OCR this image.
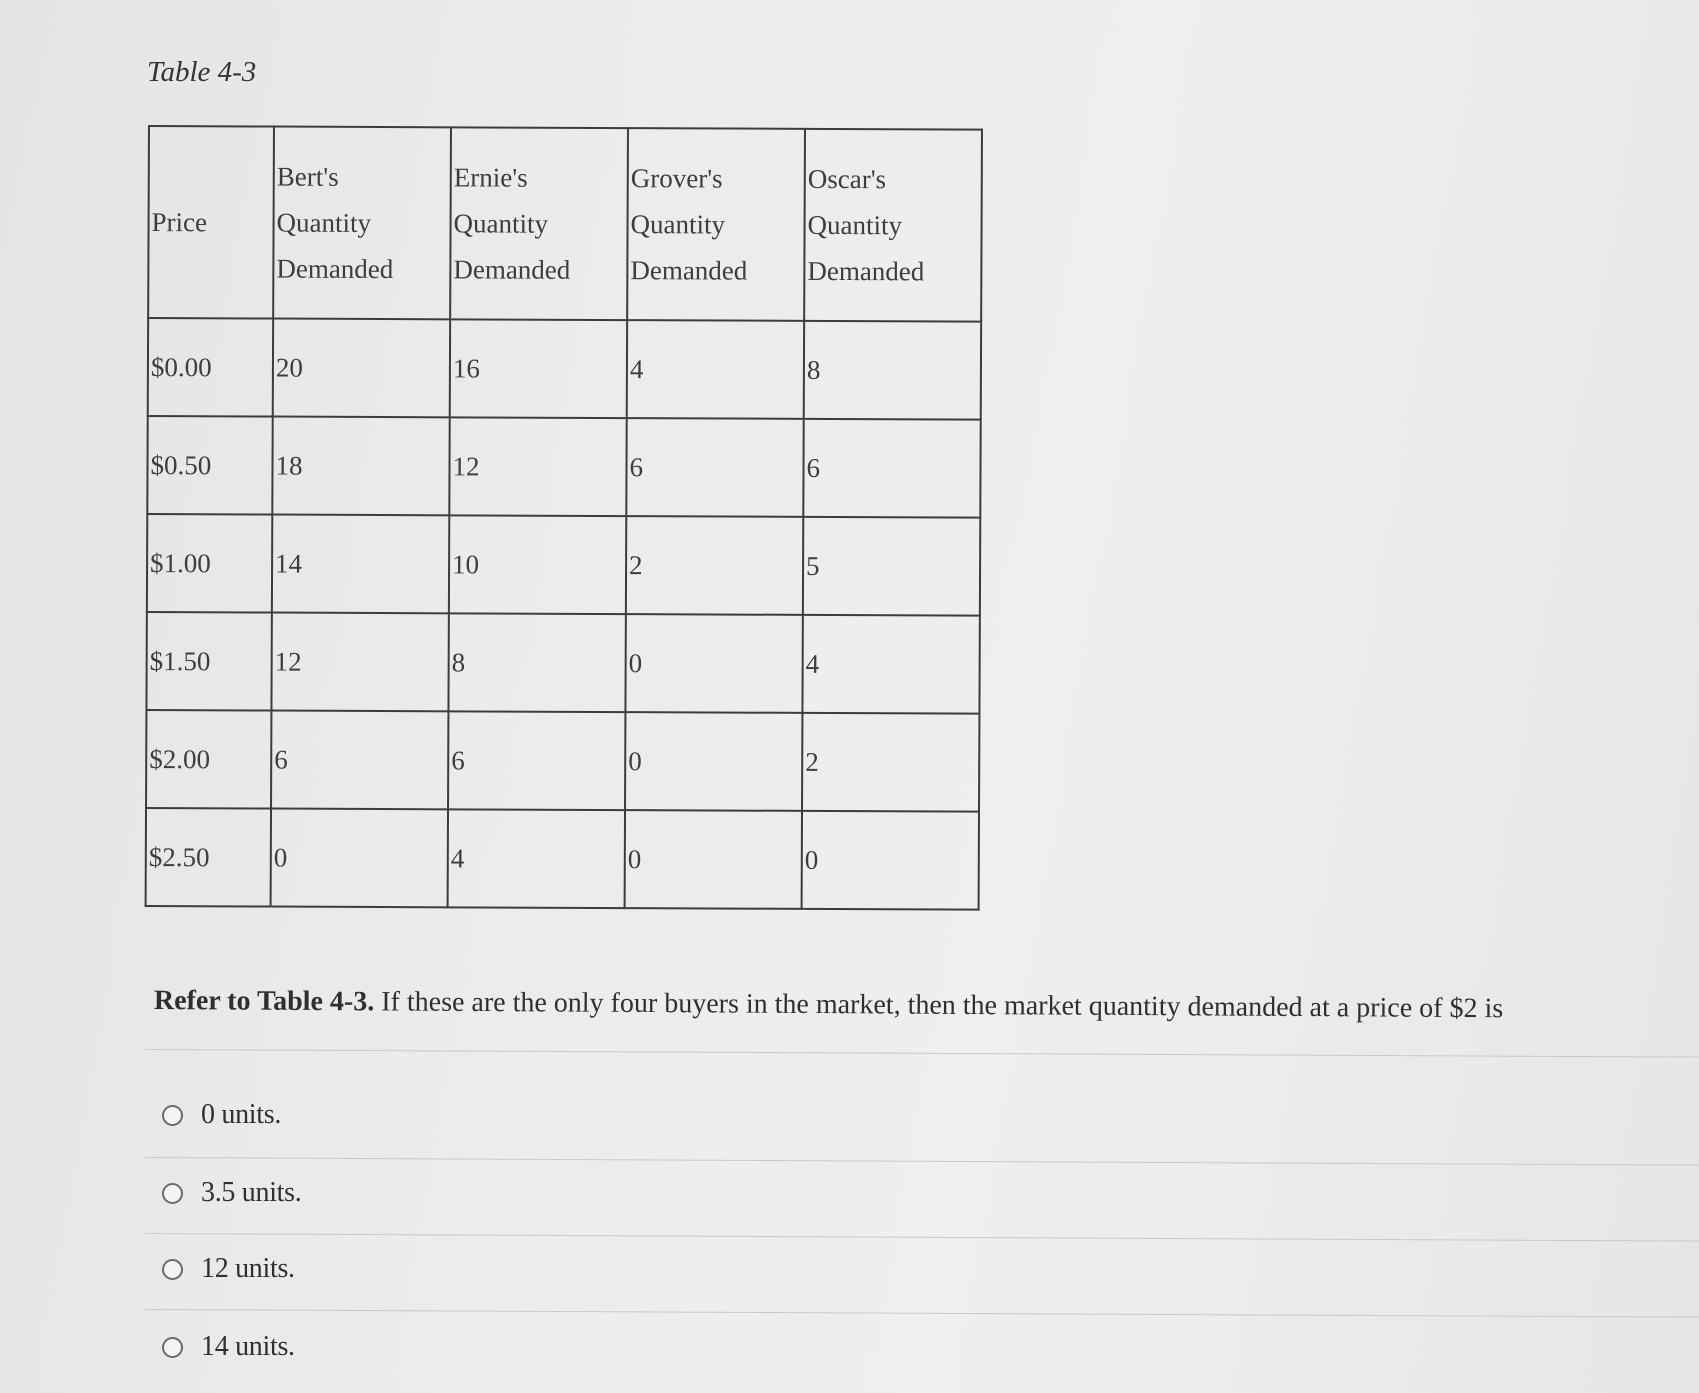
Table 4-3
Price	Bert's
Quantity
Demanded	Ernie's
Quantity
Demanded	Grover's
Quantity
Demanded	Oscar's
Quantity
Demanded
$0.00	20	16	4	8
$0.50	18	12	6	6
$1.00	14	10	2	5
$1.50	12	8	0	4
$2.00	6	6	0	2
$2.50	0	4	0	0
Refer to Table 4-3. If these are the only four buyers in the market, then the market quantity demanded at a price of $2 is
0 units.
3.5 units.
12 units.
14 units.
